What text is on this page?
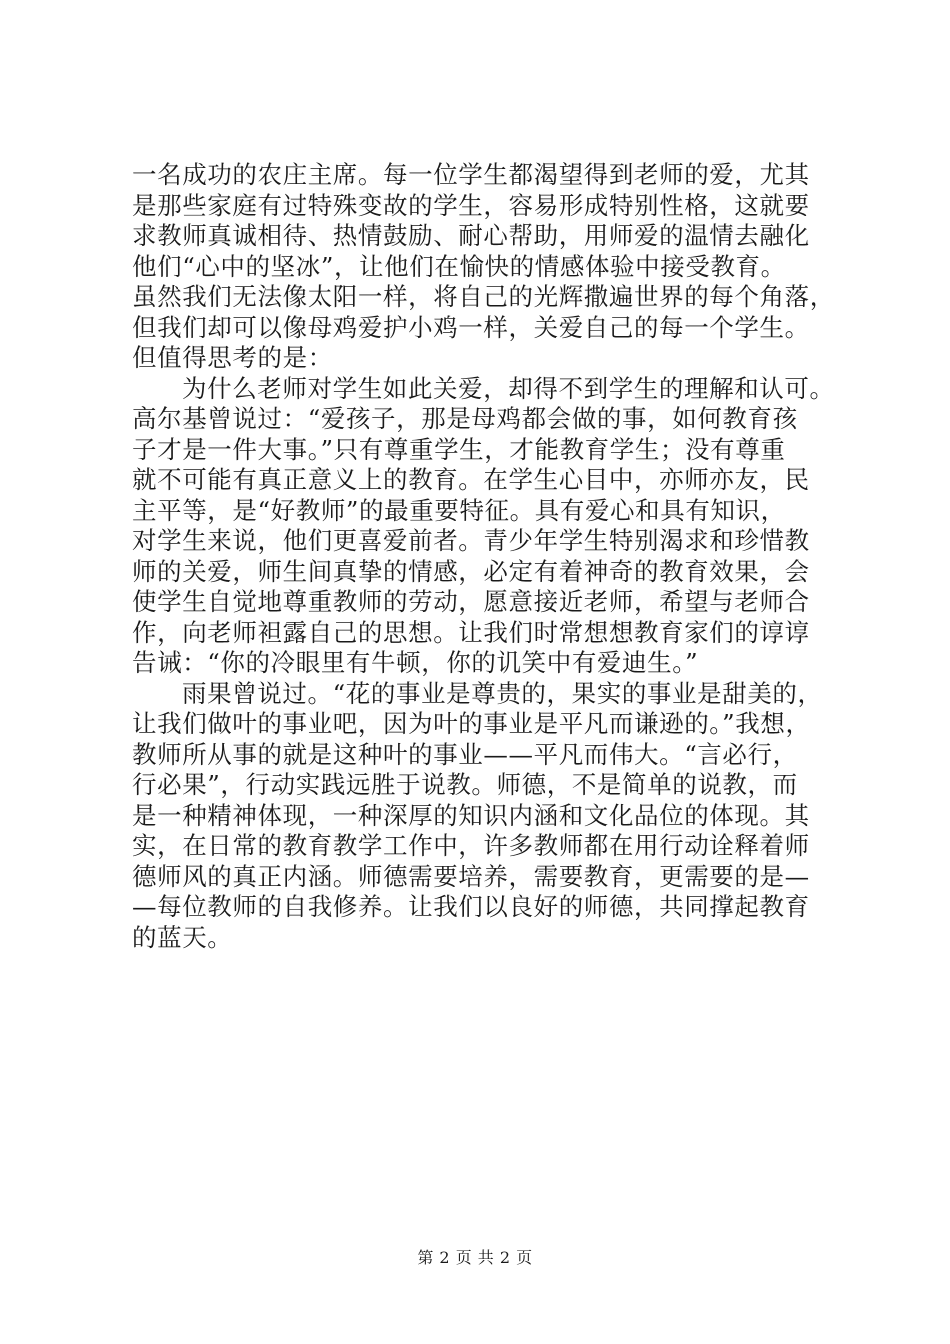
一名成功的农庄主席。每一位学生都渴望得到老师的爱，尤其
是那些家庭有过特殊变故的学生，容易形成特别性格，这就要
求教师真诚相待、热情鼓励、耐心帮助，用师爱的温情去融化
他们“心中的坚冰”，让他们在愉快的情感体验中接受教育。
虽然我们无法像太阳一样，将自己的光辉撒遍世界的每个角落，
但我们却可以像母鸡爱护小鸡一样，关爱自己的每一个学生。
但值得思考的是：
为什么老师对学生如此关爱，却得不到学生的理解和认可。
高尔基曾说过：“爱孩子，那是母鸡都会做的事，如何教育孩
子才是一件大事。”只有尊重学生，才能教育学生；没有尊重
就不可能有真正意义上的教育。在学生心目中，亦师亦友，民
主平等，是“好教师”的最重要特征。具有爱心和具有知识，
对学生来说，他们更喜爱前者。青少年学生特别渴求和珍惜教
师的关爱，师生间真挚的情感，必定有着神奇的教育效果，会
使学生自觉地尊重教师的劳动，愿意接近老师，希望与老师合
作，向老师袒露自己的思想。让我们时常想想教育家们的谆谆
告诫：“你的冷眼里有牛顿，你的讥笑中有爱迪生。”
雨果曾说过。“花的事业是尊贵的，果实的事业是甜美的，
让我们做叶的事业吧，因为叶的事业是平凡而谦逊的。”我想，
教师所从事的就是这种叶的事业——平凡而伟大。“言必行，
行必果”，行动实践远胜于说教。师德，不是简单的说教，而
是一种精神体现，一种深厚的知识内涵和文化品位的体现。其
实，在日常的教育教学工作中，许多教师都在用行动诠释着师
德师风的真正内涵。师德需要培养，需要教育，更需要的是—
—每位教师的自我修养。让我们以良好的师德，共同撑起教育
的蓝天。
第 2 页 共 2 页
